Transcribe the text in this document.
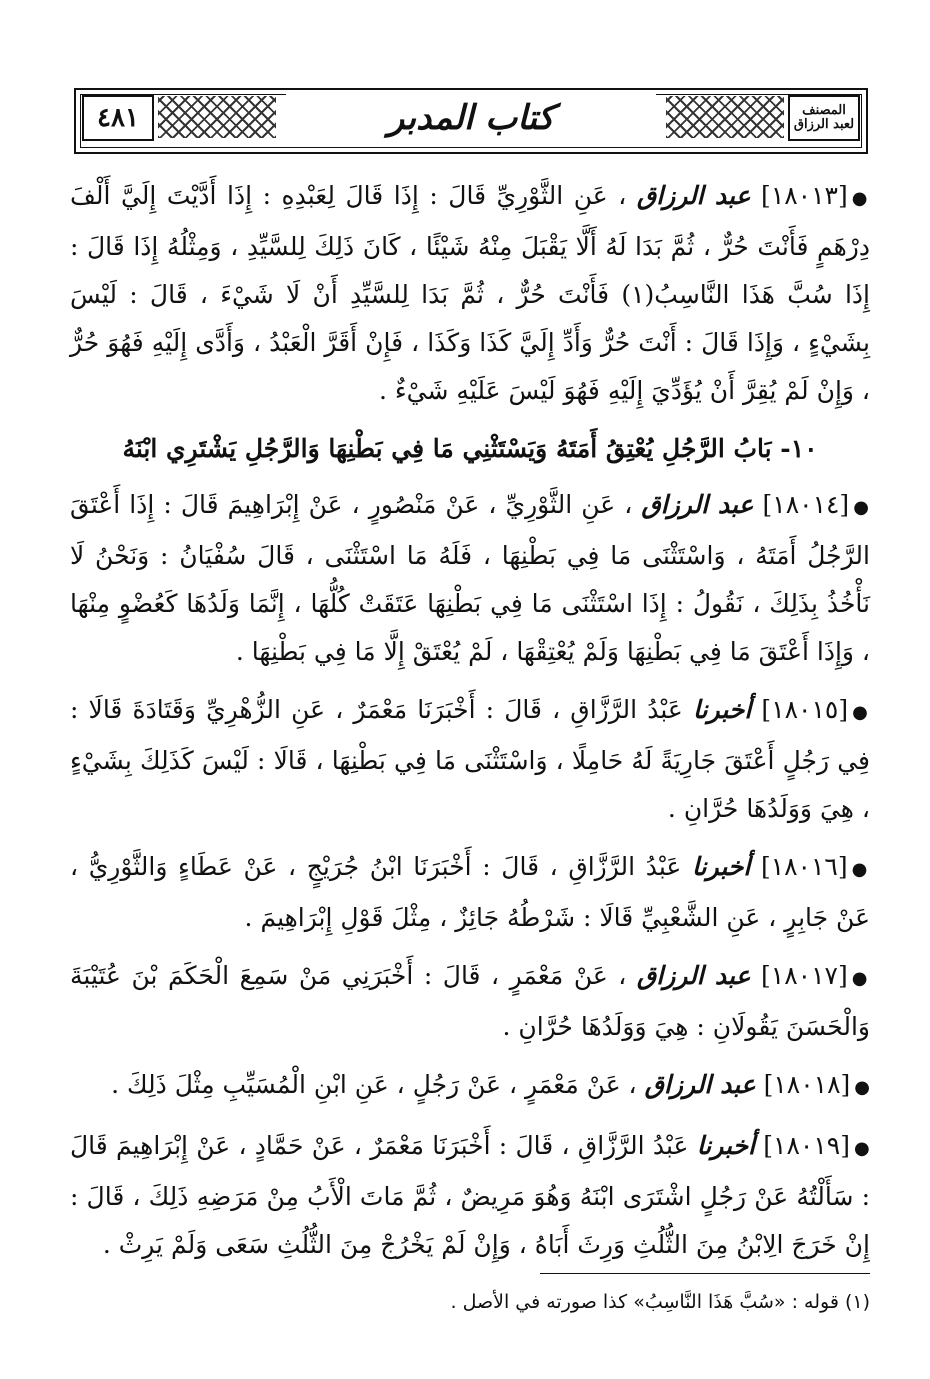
٤٨١	المصنف
لعبد الرزاق
كتاب المدبر

●[١٨٠١٣] عبد الرزاق ، عَنِ الثَّوْرِيِّ قَالَ : إِذَا قَالَ لِعَبْدِهِ : إِذَا أَدَّيْتَ إِلَيَّ أَلْفَ دِرْهَمٍ فَأَنْتَ حُرٌّ ، ثُمَّ بَدَا لَهُ أَلَّا يَقْبَلَ مِنْهُ شَيْئًا ، كَانَ ذَلِكَ لِلسَّيِّدِ ، وَمِثْلُهُ إِذَا قَالَ : إِذَا سُبَّ هَذَا النَّاسِبُ(١) فَأَنْتَ حُرٌّ ، ثُمَّ بَدَا لِلسَّيِّدِ أَنْ لَا شَيْءَ ، قَالَ : لَيْسَ بِشَيْءٍ ، وَإِذَا قَالَ : أَنْتَ حُرٌّ وَأَدِّ إِلَيَّ كَذَا وَكَذَا ، فَإِنْ أَقَرَّ الْعَبْدُ ، وَأَدَّى إِلَيْهِ فَهُوَ حُرٌّ ، وَإِنْ لَمْ يُقِرَّ أَنْ يُؤَدِّيَ إِلَيْهِ فَهُوَ لَيْسَ عَلَيْهِ شَيْءٌ .

١٠- بَابُ الرَّجُلِ يُعْتِقُ أَمَتَهُ وَيَسْتَثْنِي مَا فِي بَطْنِهَا وَالرَّجُلِ يَشْتَرِي ابْنَهُ

●[١٨٠١٤] عبد الرزاق ، عَنِ الثَّوْرِيِّ ، عَنْ مَنْصُورٍ ، عَنْ إِبْرَاهِيمَ قَالَ : إِذَا أَعْتَقَ الرَّجُلُ أَمَتَهُ ، وَاسْتَثْنَى مَا فِي بَطْنِهَا ، فَلَهُ مَا اسْتَثْنَى ، قَالَ سُفْيَانُ : وَنَحْنُ لَا نَأْخُذُ بِذَلِكَ ، نَقُولُ : إِذَا اسْتَثْنَى مَا فِي بَطْنِهَا عَتَقَتْ كُلُّهَا ، إِنَّمَا وَلَدُهَا كَعُضْوٍ مِنْهَا ، وَإِذَا أَعْتَقَ مَا فِي بَطْنِهَا وَلَمْ يُعْتِقْهَا ، لَمْ يُعْتَقْ إِلَّا مَا فِي بَطْنِهَا .

●[١٨٠١٥] أخبرنا عَبْدُ الرَّزَّاقِ ، قَالَ : أَخْبَرَنَا مَعْمَرٌ ، عَنِ الزُّهْرِيِّ وَقَتَادَةَ قَالَا : فِي رَجُلٍ أَعْتَقَ جَارِيَةً لَهُ حَامِلًا ، وَاسْتَثْنَى مَا فِي بَطْنِهَا ، قَالَا : لَيْسَ كَذَلِكَ بِشَيْءٍ ، هِيَ وَوَلَدُهَا حُرَّانِ .

●[١٨٠١٦] أخبرنا عَبْدُ الرَّزَّاقِ ، قَالَ : أَخْبَرَنَا ابْنُ جُرَيْجٍ ، عَنْ عَطَاءٍ وَالثَّوْرِيُّ ، عَنْ جَابِرٍ ، عَنِ الشَّعْبِيِّ قَالَا : شَرْطُهُ جَائِزٌ ، مِثْلَ قَوْلِ إِبْرَاهِيمَ .

●[١٨٠١٧] عبد الرزاق ، عَنْ مَعْمَرٍ ، قَالَ : أَخْبَرَنِي مَنْ سَمِعَ الْحَكَمَ بْنَ عُتَيْبَةَ وَالْحَسَنَ يَقُولَانِ : هِيَ وَوَلَدُهَا حُرَّانِ .

●[١٨٠١٨] عبد الرزاق ، عَنْ مَعْمَرٍ ، عَنْ رَجُلٍ ، عَنِ ابْنِ الْمُسَيِّبِ مِثْلَ ذَلِكَ .

●[١٨٠١٩] أخبرنا عَبْدُ الرَّزَّاقِ ، قَالَ : أَخْبَرَنَا مَعْمَرٌ ، عَنْ حَمَّادٍ ، عَنْ إِبْرَاهِيمَ قَالَ : سَأَلْتُهُ عَنْ رَجُلٍ اشْتَرَى ابْنَهُ وَهُوَ مَرِيضٌ ، ثُمَّ مَاتَ الْأَبُ مِنْ مَرَضِهِ ذَلِكَ ، قَالَ : إِنْ خَرَجَ الِابْنُ مِنَ الثُّلُثِ وَرِثَ أَبَاهُ ، وَإِنْ لَمْ يَخْرُجْ مِنَ الثُّلُثِ سَعَى وَلَمْ يَرِثْ .

(١) قوله : «سُبَّ هَذَا النَّاسِبُ» كذا صورته في الأصل .
